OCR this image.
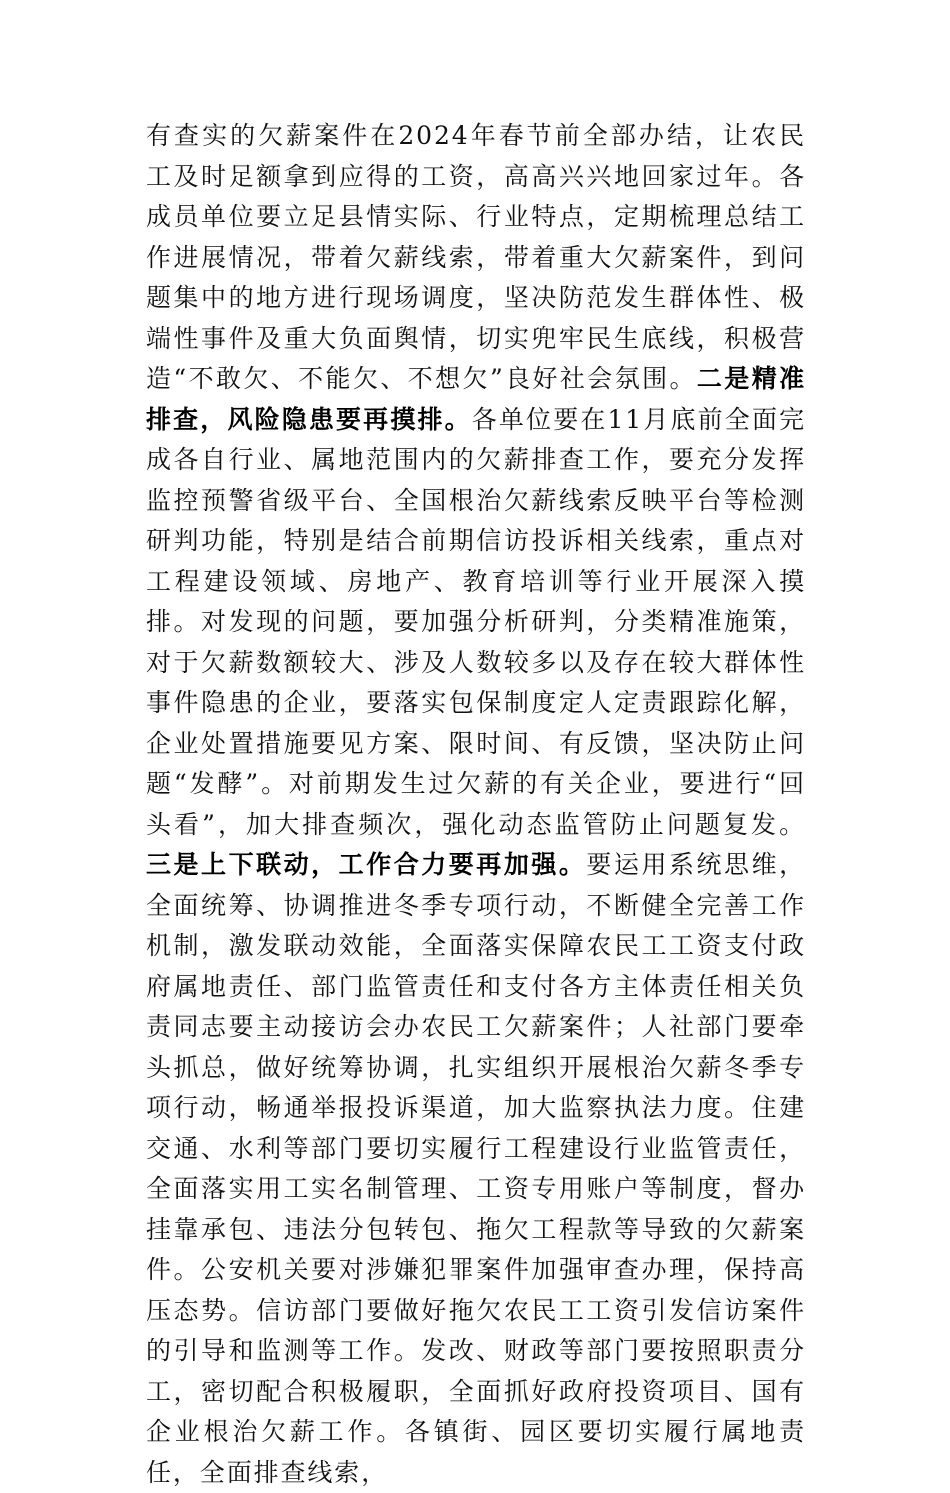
有查实的欠薪案件在2024年春节前全部办结，让农民工及时足额拿到应得的工资，高高兴兴地回家过年。各成员单位要立足县情实际、行业特点，定期梳理总结工作进展情况，带着欠薪线索，带着重大欠薪案件，到问题集中的地方进行现场调度，坚决防范发生群体性、极端性事件及重大负面舆情，切实兜牢民生底线，积极营造“不敢欠、不能欠、不想欠”良好社会氛围。二是精准排查，风险隐患要再摸排。各单位要在11月底前全面完成各自行业、属地范围内的欠薪排查工作，要充分发挥监控预警省级平台、全国根治欠薪线索反映平台等检测研判功能，特别是结合前期信访投诉相关线索，重点对工程建设领域、房地产、教育培训等行业开展深入摸排。对发现的问题，要加强分析研判，分类精准施策，对于欠薪数额较大、涉及人数较多以及存在较大群体性事件隐患的企业，要落实包保制度定人定责跟踪化解，企业处置措施要见方案、限时间、有反馈，坚决防止问题“发酵”。对前期发生过欠薪的有关企业，要进行“回头看”，加大排查频次，强化动态监管防止问题复发。三是上下联动，工作合力要再加强。要运用系统思维，全面统筹、协调推进冬季专项行动，不断健全完善工作机制，激发联动效能，全面落实保障农民工工资支付政府属地责任、部门监管责任和支付各方主体责任相关负责同志要主动接访会办农民工欠薪案件；人社部门要牵头抓总，做好统筹协调，扎实组织开展根治欠薪冬季专项行动，畅通举报投诉渠道，加大监察执法力度。住建交通、水利等部门要切实履行工程建设行业监管责任，全面落实用工实名制管理、工资专用账户等制度，督办挂靠承包、违法分包转包、拖欠工程款等导致的欠薪案件。公安机关要对涉嫌犯罪案件加强审查办理，保持高压态势。信访部门要做好拖欠农民工工资引发信访案件的引导和监测等工作。发改、财政等部门要按照职责分工，密切配合积极履职，全面抓好政府投资项目、国有企业根治欠薪工作。各镇街、园区要切实履行属地责任，全面排查线索，
